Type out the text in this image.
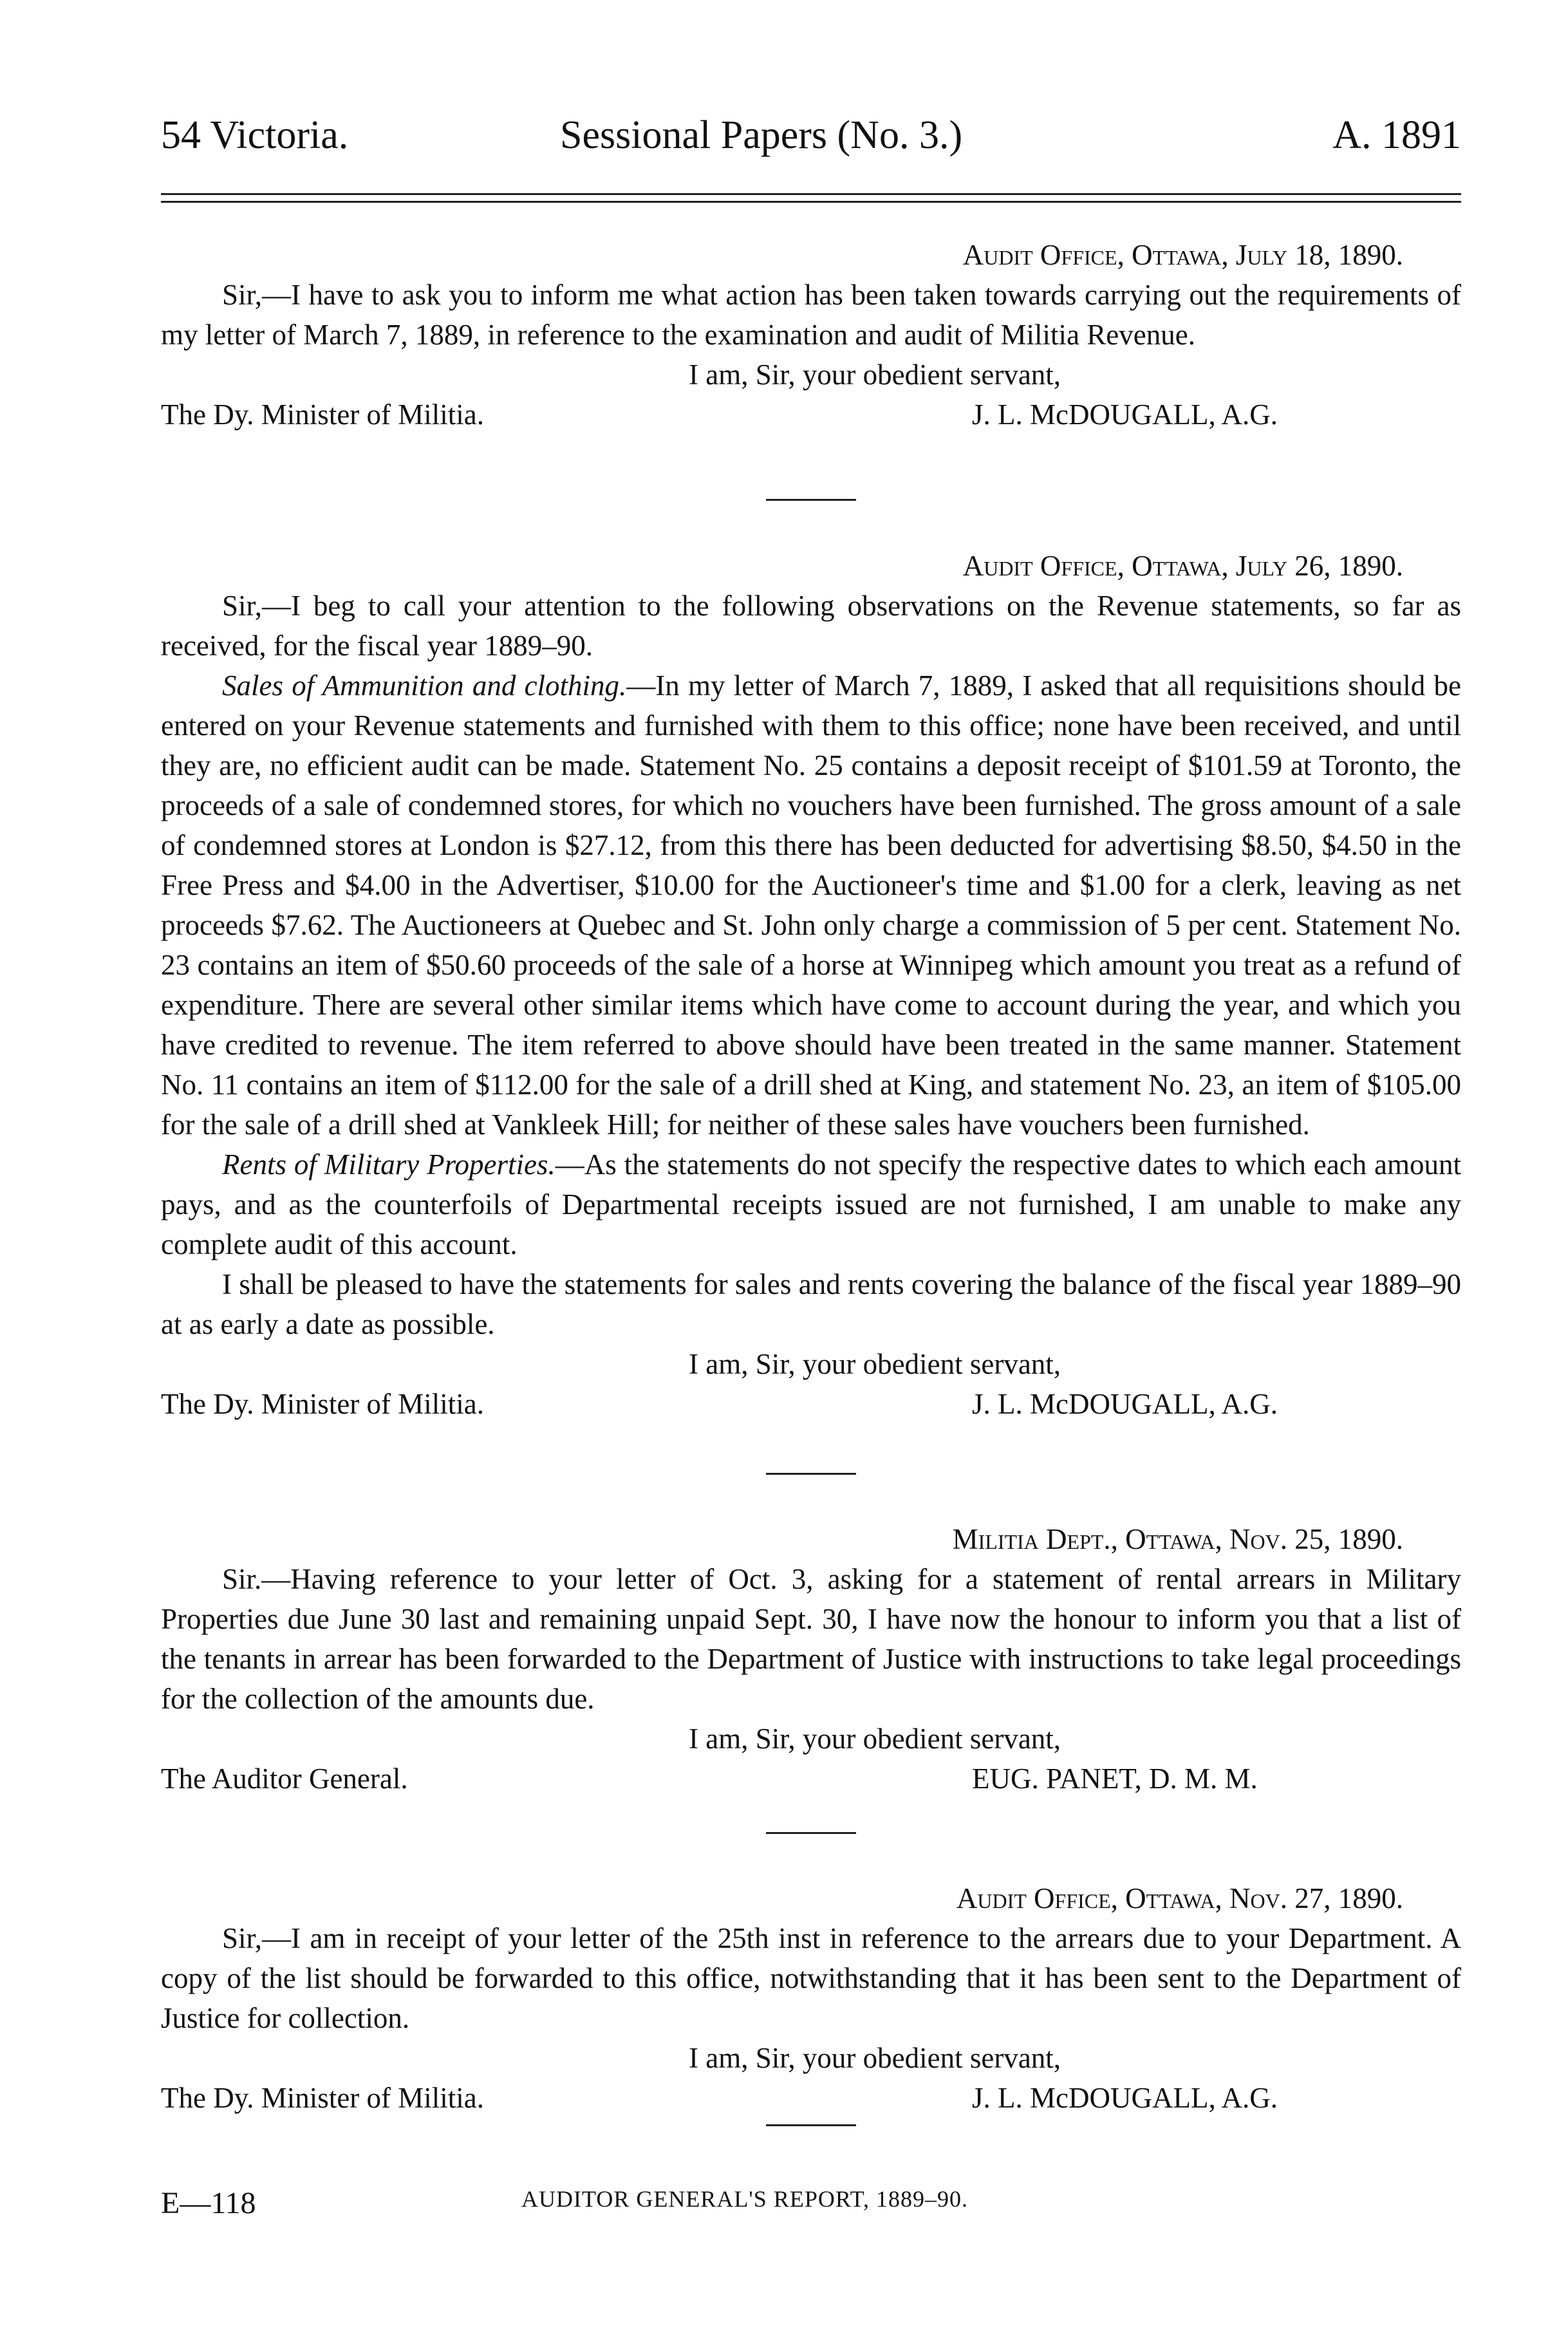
54 Victoria.	Sessional Papers (No. 3.)	A. 1891
Audit Office, Ottawa, July 18, 1890.

Sir,—I have to ask you to inform me what action has been taken towards carrying out the requirements of my letter of March 7, 1889, in reference to the examination and audit of Militia Revenue.

I am, Sir, your obedient servant,
The Dy. Minister of Militia.	J. L. McDOUGALL, A.G.
Audit Office, Ottawa, July 26, 1890.

Sir,—I beg to call your attention to the following observations on the Revenue statements, so far as received, for the fiscal year 1889–90.

Sales of Ammunition and clothing.—In my letter of March 7, 1889, I asked that all requisitions should be entered on your Revenue statements and furnished with them to this office; none have been received, and until they are, no efficient audit can be made. Statement No. 25 contains a deposit receipt of $101.59 at Toronto, the proceeds of a sale of condemned stores, for which no vouchers have been furnished. The gross amount of a sale of condemned stores at London is $27.12, from this there has been deducted for advertising $8.50, $4.50 in the Free Press and $4.00 in the Advertiser, $10.00 for the Auctioneer's time and $1.00 for a clerk, leaving as net proceeds $7.62. The Auctioneers at Quebec and St. John only charge a commission of 5 per cent. Statement No. 23 contains an item of $50.60 proceeds of the sale of a horse at Winnipeg which amount you treat as a refund of expenditure. There are several other similar items which have come to account during the year, and which you have credited to revenue. The item referred to above should have been treated in the same manner. Statement No. 11 contains an item of $112.00 for the sale of a drill shed at King, and statement No. 23, an item of $105.00 for the sale of a drill shed at Vankleek Hill; for neither of these sales have vouchers been furnished.

Rents of Military Properties.—As the statements do not specify the respective dates to which each amount pays, and as the counterfoils of Departmental receipts issued are not furnished, I am unable to make any complete audit of this account.

I shall be pleased to have the statements for sales and rents covering the balance of the fiscal year 1889–90 at as early a date as possible.

I am, Sir, your obedient servant,
The Dy. Minister of Militia.	J. L. McDOUGALL, A.G.
Militia Dept., Ottawa, Nov. 25, 1890.

Sir.—Having reference to your letter of Oct. 3, asking for a statement of rental arrears in Military Properties due June 30 last and remaining unpaid Sept. 30, I have now the honour to inform you that a list of the tenants in arrear has been forwarded to the Department of Justice with instructions to take legal proceedings for the collection of the amounts due.

I am, Sir, your obedient servant,
The Auditor General.	EUG. PANET, D. M. M.
Audit Office, Ottawa, Nov. 27, 1890.

Sir,—I am in receipt of your letter of the 25th inst in reference to the arrears due to your Department. A copy of the list should be forwarded to this office, notwithstanding that it has been sent to the Department of Justice for collection.

I am, Sir, your obedient servant,
The Dy. Minister of Militia.	J. L. McDOUGALL, A.G.
E—118	AUDITOR GENERAL'S REPORT, 1889–90.
